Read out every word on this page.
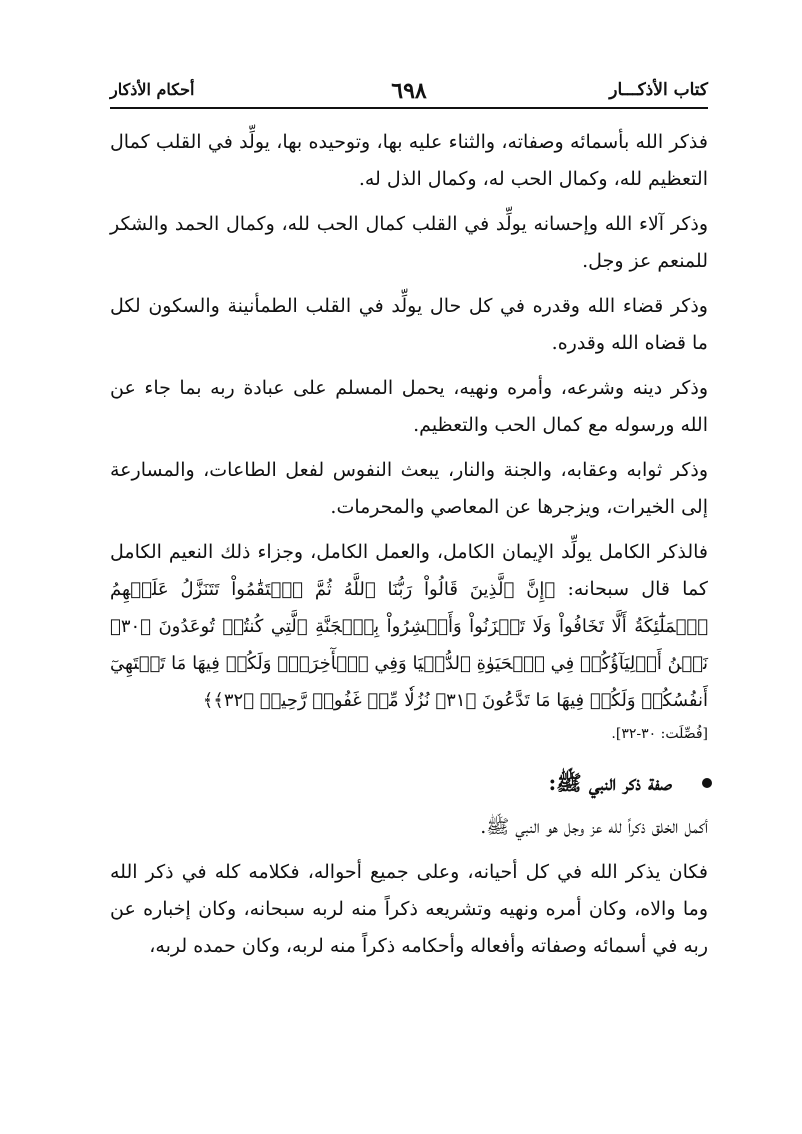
كتاب الأذكـــار
٦٩٨
أحكام الأذكار

فذكر الله بأسمائه وصفاته، والثناء عليه بها، وتوحيده بها، يولِّد في القلب كمال التعظيم لله، وكمال الحب له، وكمال الذل له.

وذكر آلاء الله وإحسانه يولِّد في القلب كمال الحب لله، وكمال الحمد والشكر للمنعم عز وجل.

وذكر قضاء الله وقدره في كل حال يولِّد في القلب الطمأنينة والسكون لكل ما قضاه الله وقدره.

وذكر دينه وشرعه، وأمره ونهيه، يحمل المسلم على عبادة ربه بما جاء عن الله ورسوله مع كمال الحب والتعظيم.

وذكر ثوابه وعقابه، والجنة والنار، يبعث النفوس لفعل الطاعات، والمسارعة إلى الخيرات، ويزجرها عن المعاصي والمحرمات.

فالذكر الكامل يولِّد الإيمان الكامل، والعمل الكامل، وجزاء ذلك النعيم الكامل كما قال سبحانه: ﴿إِنَّ ٱلَّذِينَ قَالُواْ رَبُّنَا ٱللَّهُ ثُمَّ ٱسۡتَقَٰمُواْ تَتَنَزَّلُ عَلَيۡهِمُ ٱلۡمَلَٰٓئِكَةُ أَلَّا تَخَافُواْ وَلَا تَحۡزَنُواْ وَأَبۡشِرُواْ بِٱلۡجَنَّةِ ٱلَّتِي كُنتُمۡ تُوعَدُونَ ﴿٣٠﴾ نَحۡنُ أَوۡلِيَآؤُكُمۡ فِي ٱلۡحَيَوٰةِ ٱلدُّنۡيَا وَفِي ٱلۡأٓخِرَةِۖ وَلَكُمۡ فِيهَا مَا تَشۡتَهِيٓ أَنفُسُكُمۡ وَلَكُمۡ فِيهَا مَا تَدَّعُونَ ﴿٣١﴾ نُزُلٗا مِّنۡ غَفُورٖ رَّحِيمٖ ﴿٣٢﴾﴾

[فُصِّلَت: ٣٠-٣٢].
صفة ذكر النبي ﷺ:

أكمل الخلق ذكراً لله عز وجل هو النبي ﷺ.

فكان يذكر الله في كل أحيانه، وعلى جميع أحواله، فكلامه كله في ذكر الله وما والاه، وكان أمره ونهيه وتشريعه ذكراً منه لربه سبحانه، وكان إخباره عن ربه في أسمائه وصفاته وأفعاله وأحكامه ذكراً منه لربه، وكان حمده لربه،
